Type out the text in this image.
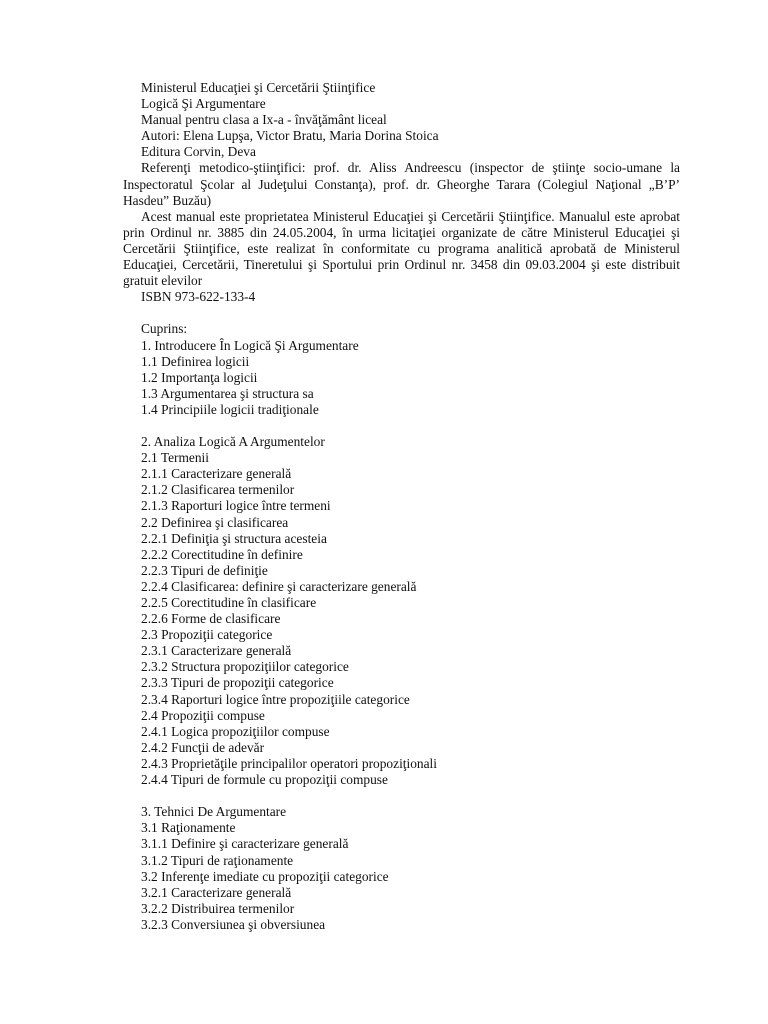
Ministerul Educaţiei şi Cercetării Ştiinţifice
Logică Şi Argumentare
Manual pentru clasa a Ix-a - învăţământ liceal
Autori: Elena Lupşa, Victor Bratu, Maria Dorina Stoica
Editura Corvin, Deva
Referenţi metodico-ştiinţifici: prof. dr. Aliss Andreescu (inspector de ştiinţe socio-umane la Inspectoratul Şcolar al Judeţului Constanţa), prof. dr. Gheorghe Tarara (Colegiul Naţional „B’P’ Hasdeu” Buzău)
Acest manual este proprietatea Ministerul Educaţiei şi Cercetării Ştiinţifice. Manualul este aprobat prin Ordinul nr. 3885 din 24.05.2004, în urma licitaţiei organizate de către Ministerul Educaţiei şi Cercetării Ştiinţifice, este realizat în conformitate cu programa analitică aprobată de Ministerul Educaţiei, Cercetării, Tineretului şi Sportului prin Ordinul nr. 3458 din 09.03.2004 şi este distribuit gratuit elevilor
ISBN 973-622-133-4
Cuprins:
1. Introducere În Logică Şi Argumentare
1.1 Definirea logicii
1.2 Importanţa logicii
1.3 Argumentarea şi structura sa
1.4 Principiile logicii tradiţionale
2. Analiza Logică A Argumentelor
2.1 Termenii
2.1.1 Caracterizare generală
2.1.2 Clasificarea termenilor
2.1.3 Raporturi logice între termeni
2.2 Definirea şi clasificarea
2.2.1 Definiţia şi structura acesteia
2.2.2 Corectitudine în definire
2.2.3 Tipuri de definiţie
2.2.4 Clasificarea: definire şi caracterizare generală
2.2.5 Corectitudine în clasificare
2.2.6 Forme de clasificare
2.3 Propoziţii categorice
2.3.1 Caracterizare generală
2.3.2 Structura propoziţiilor categorice
2.3.3 Tipuri de propoziţii categorice
2.3.4 Raporturi logice între propoziţiile categorice
2.4 Propoziţii compuse
2.4.1 Logica propoziţiilor compuse
2.4.2 Funcţii de adevăr
2.4.3 Proprietăţile principalilor operatori propoziţionali
2.4.4 Tipuri de formule cu propoziţii compuse
3. Tehnici De Argumentare
3.1 Raţionamente
3.1.1 Definire şi caracterizare generală
3.1.2 Tipuri de raţionamente
3.2 Inferenţe imediate cu propoziţii categorice
3.2.1 Caracterizare generală
3.2.2 Distribuirea termenilor
3.2.3 Conversiunea şi obversiunea
